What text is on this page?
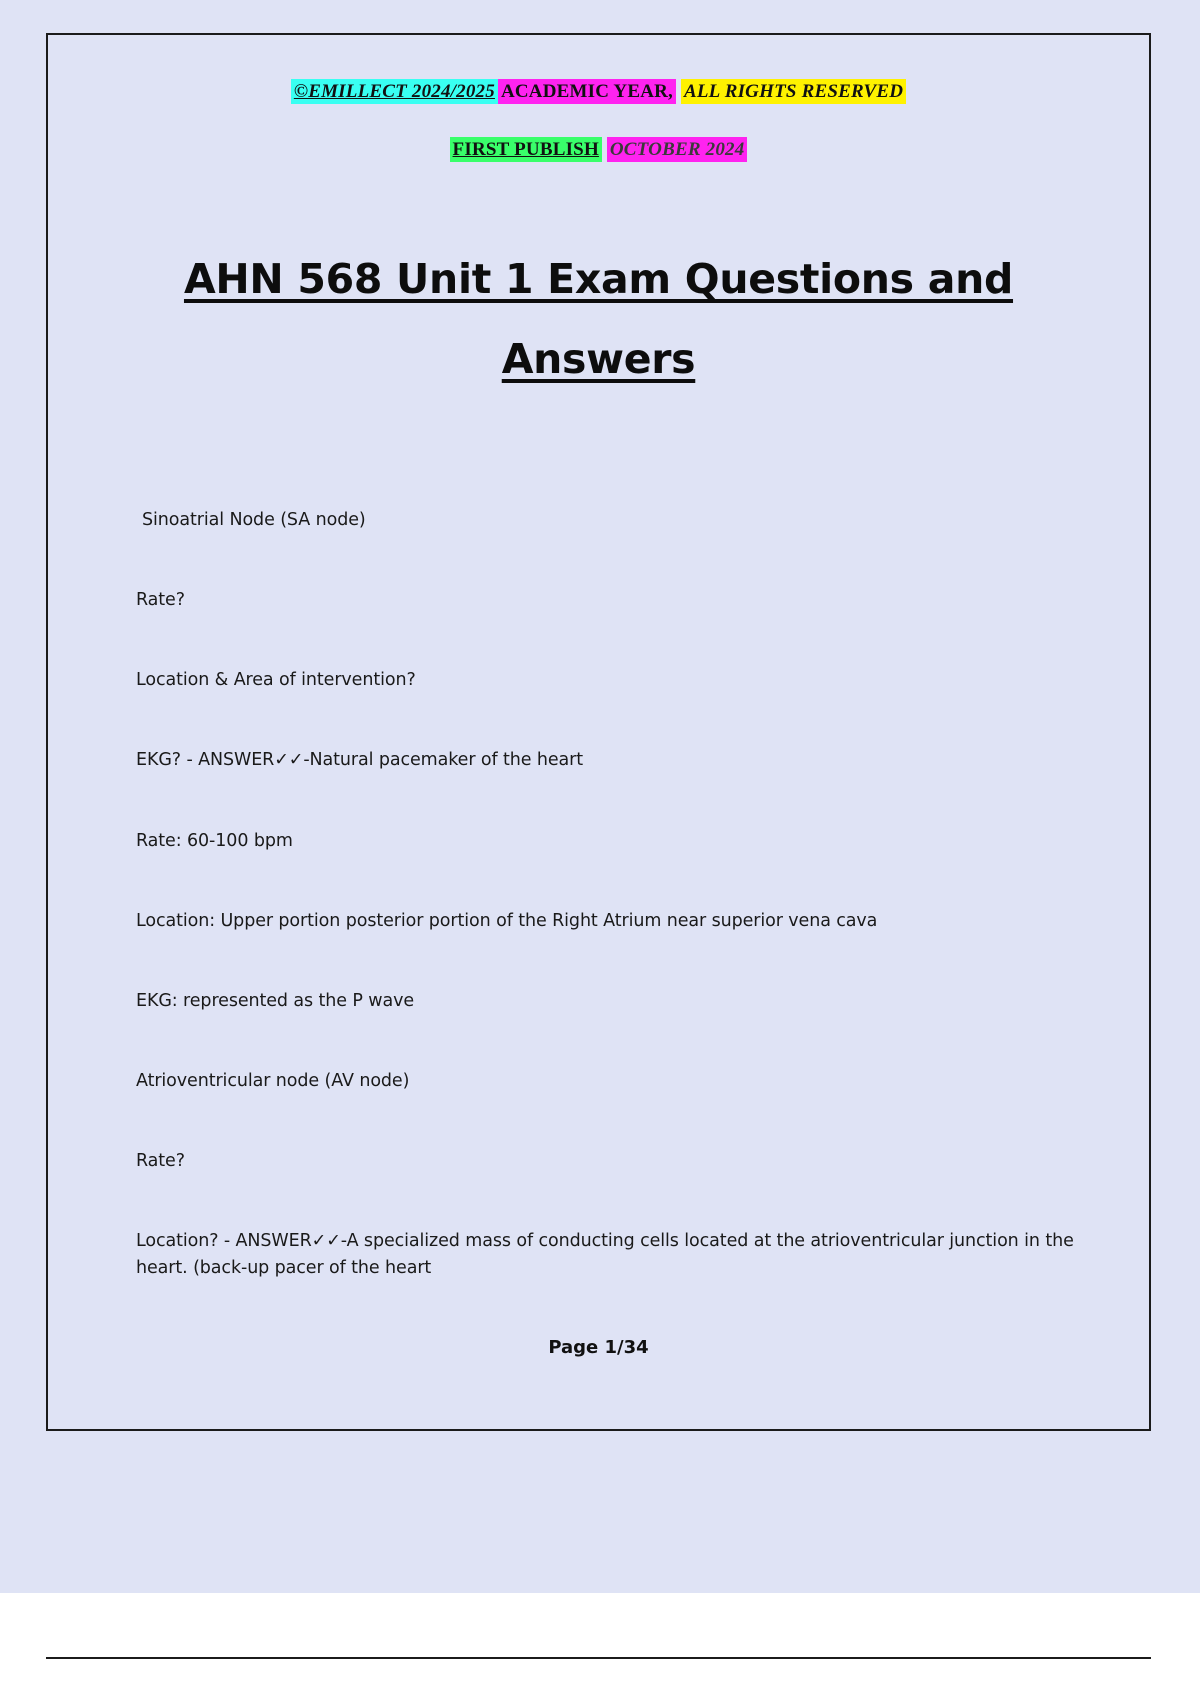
©EMILLECT 2024/2025 ACADEMIC YEAR, ALL RIGHTS RESERVED
FIRST PUBLISH OCTOBER 2024
AHN 568 Unit 1 Exam Questions and
Answers
Sinoatrial Node (SA node)
Rate?
Location & Area of intervention?
EKG? - ANSWER✓✓-Natural pacemaker of the heart
Rate: 60-100 bpm
Location: Upper portion posterior portion of the Right Atrium near superior vena cava
EKG: represented as the P wave
Atrioventricular node (AV node)
Rate?
Location? - ANSWER✓✓-A specialized mass of conducting cells located at the atrioventricular junction in the heart. (back-up pacer of the heart
Page 1/34
